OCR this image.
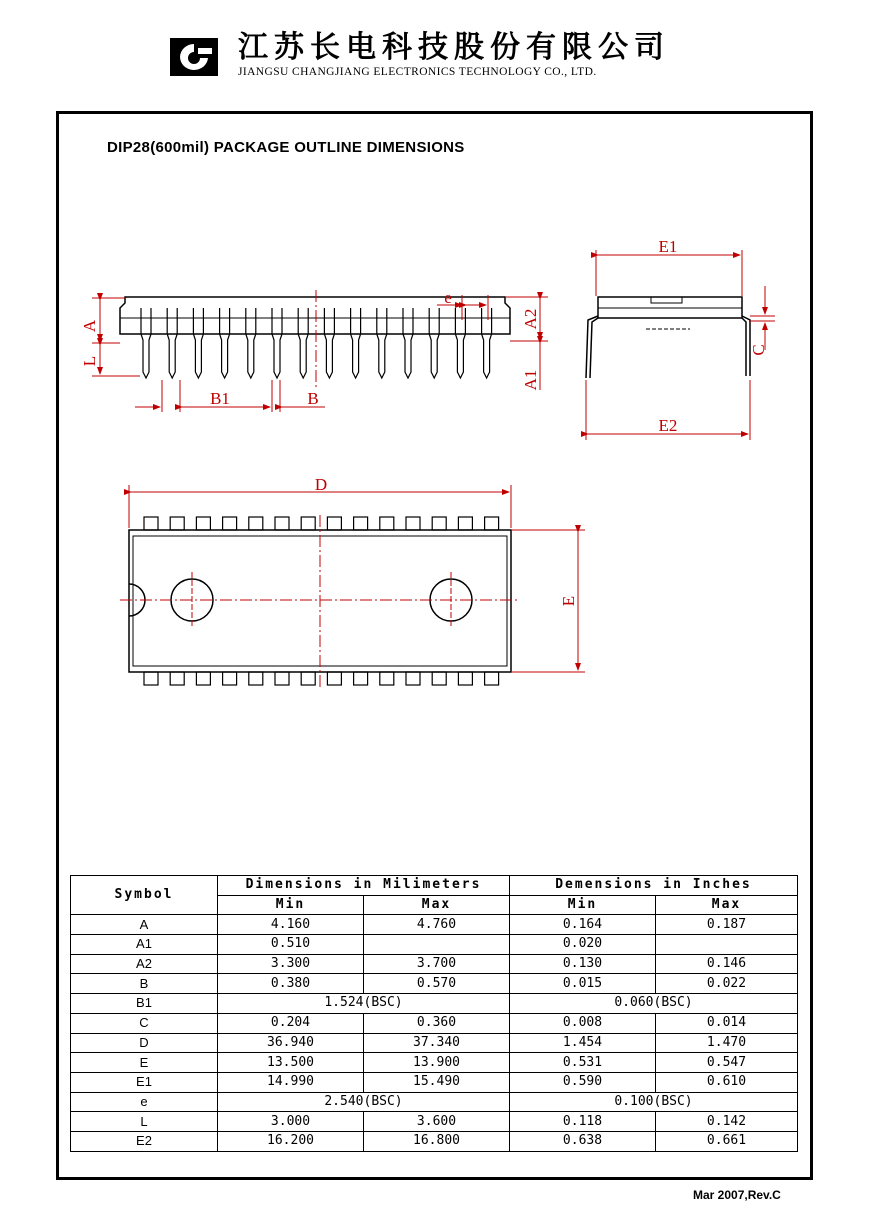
江苏长电科技股份有限公司
JIANGSU CHANGJIANG ELECTRONICS TECHNOLOGY CO., LTD.
DIP28(600mil) PACKAGE OUTLINE DIMENSIONS
A
L
B1	B
e
A2
A1
E1
E2
C
D
E
Symbol	Dimensions in Milimeters		Demensions in Inches	
	Min	Max	Min	Max
A	4.160	4.760	0.164	0.187
A1	0.510		0.020	
A2	3.300	3.700	0.130	0.146
B	0.380	0.570	0.015	0.022
B1	1.524(BSC)		0.060(BSC)	
C	0.204	0.360	0.008	0.014
D	36.940	37.340	1.454	1.470
E	13.500	13.900	0.531	0.547
E1	14.990	15.490	0.590	0.610
e	2.540(BSC)		0.100(BSC)	
L	3.000	3.600	0.118	0.142
E2	16.200	16.800	0.638	0.661
Mar 2007,Rev.C
